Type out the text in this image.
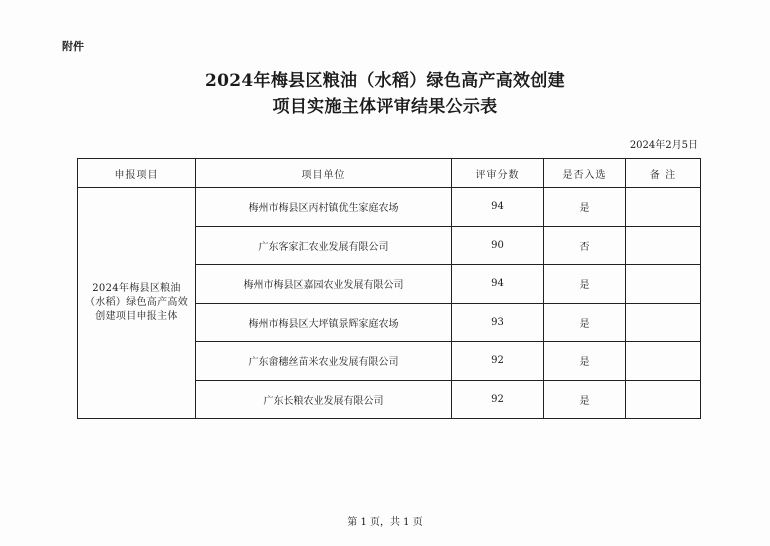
附件
2024年梅县区粮油（水稻）绿色高产高效创建
项目实施主体评审结果公示表
2024年2月5日
申报项目	项目单位	评审分数	是否入选	备 注
2024年梅县区粮油（水稻）绿色高产高效创建项目申报主体	梅州市梅县区丙村镇优生家庭农场	94	是	
	广东客家汇农业发展有限公司	90	否	
	梅州市梅县区嘉园农业发展有限公司	94	是	
	梅州市梅县区大坪镇景辉家庭农场	93	是	
	广东畲穗丝苗米农业发展有限公司	92	是	
	广东长粮农业发展有限公司	92	是	
第 1 页，共 1 页
